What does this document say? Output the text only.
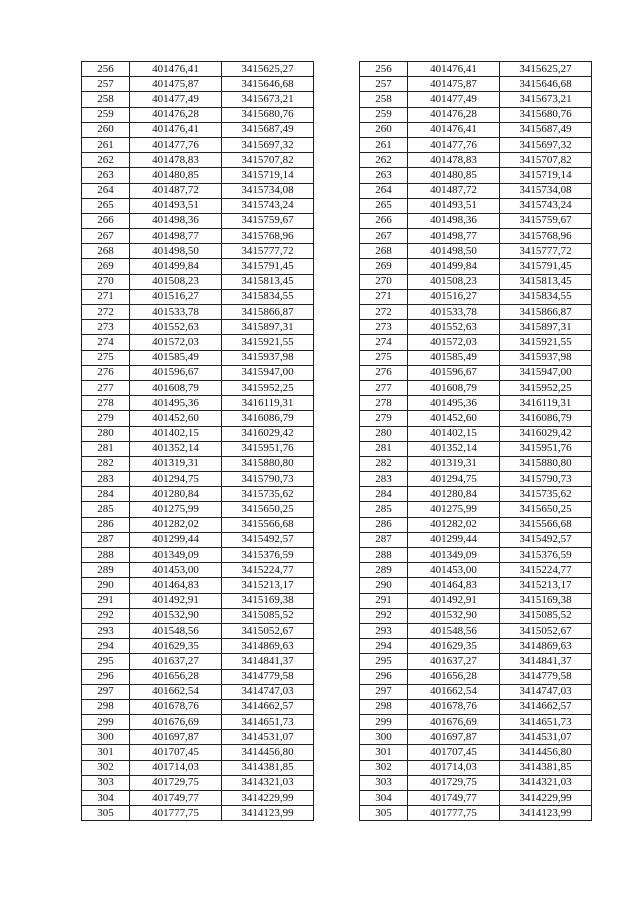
256	401476,41	3415625,27		256	401476,41	3415625,27
257	401475,87	3415646,68		257	401475,87	3415646,68
258	401477,49	3415673,21		258	401477,49	3415673,21
259	401476,28	3415680,76		259	401476,28	3415680,76
260	401476,41	3415687,49		260	401476,41	3415687,49
261	401477,76	3415697,32		261	401477,76	3415697,32
262	401478,83	3415707,82		262	401478,83	3415707,82
263	401480,85	3415719,14		263	401480,85	3415719,14
264	401487,72	3415734,08		264	401487,72	3415734,08
265	401493,51	3415743,24		265	401493,51	3415743,24
266	401498,36	3415759,67		266	401498,36	3415759,67
267	401498,77	3415768,96		267	401498,77	3415768,96
268	401498,50	3415777,72		268	401498,50	3415777,72
269	401499,84	3415791,45		269	401499,84	3415791,45
270	401508,23	3415813,45		270	401508,23	3415813,45
271	401516,27	3415834,55		271	401516,27	3415834,55
272	401533,78	3415866,87		272	401533,78	3415866,87
273	401552,63	3415897,31		273	401552,63	3415897,31
274	401572,03	3415921,55		274	401572,03	3415921,55
275	401585,49	3415937,98		275	401585,49	3415937,98
276	401596,67	3415947,00		276	401596,67	3415947,00
277	401608,79	3415952,25		277	401608,79	3415952,25
278	401495,36	3416119,31		278	401495,36	3416119,31
279	401452,60	3416086,79		279	401452,60	3416086,79
280	401402,15	3416029,42		280	401402,15	3416029,42
281	401352,14	3415951,76		281	401352,14	3415951,76
282	401319,31	3415880,80		282	401319,31	3415880,80
283	401294,75	3415790,73		283	401294,75	3415790,73
284	401280,84	3415735,62		284	401280,84	3415735,62
285	401275,99	3415650,25		285	401275,99	3415650,25
286	401282,02	3415566,68		286	401282,02	3415566,68
287	401299,44	3415492,57		287	401299,44	3415492,57
288	401349,09	3415376,59		288	401349,09	3415376,59
289	401453,00	3415224,77		289	401453,00	3415224,77
290	401464,83	3415213,17		290	401464,83	3415213,17
291	401492,91	3415169,38		291	401492,91	3415169,38
292	401532,90	3415085,52		292	401532,90	3415085,52
293	401548,56	3415052,67		293	401548,56	3415052,67
294	401629,35	3414869,63		294	401629,35	3414869,63
295	401637,27	3414841,37		295	401637,27	3414841,37
296	401656,28	3414779,58		296	401656,28	3414779,58
297	401662,54	3414747,03		297	401662,54	3414747,03
298	401678,76	3414662,57		298	401678,76	3414662,57
299	401676,69	3414651,73		299	401676,69	3414651,73
300	401697,87	3414531,07		300	401697,87	3414531,07
301	401707,45	3414456,80		301	401707,45	3414456,80
302	401714,03	3414381,85		302	401714,03	3414381,85
303	401729,75	3414321,03		303	401729,75	3414321,03
304	401749,77	3414229,99		304	401749,77	3414229,99
305	401777,75	3414123,99		305	401777,75	3414123,99
